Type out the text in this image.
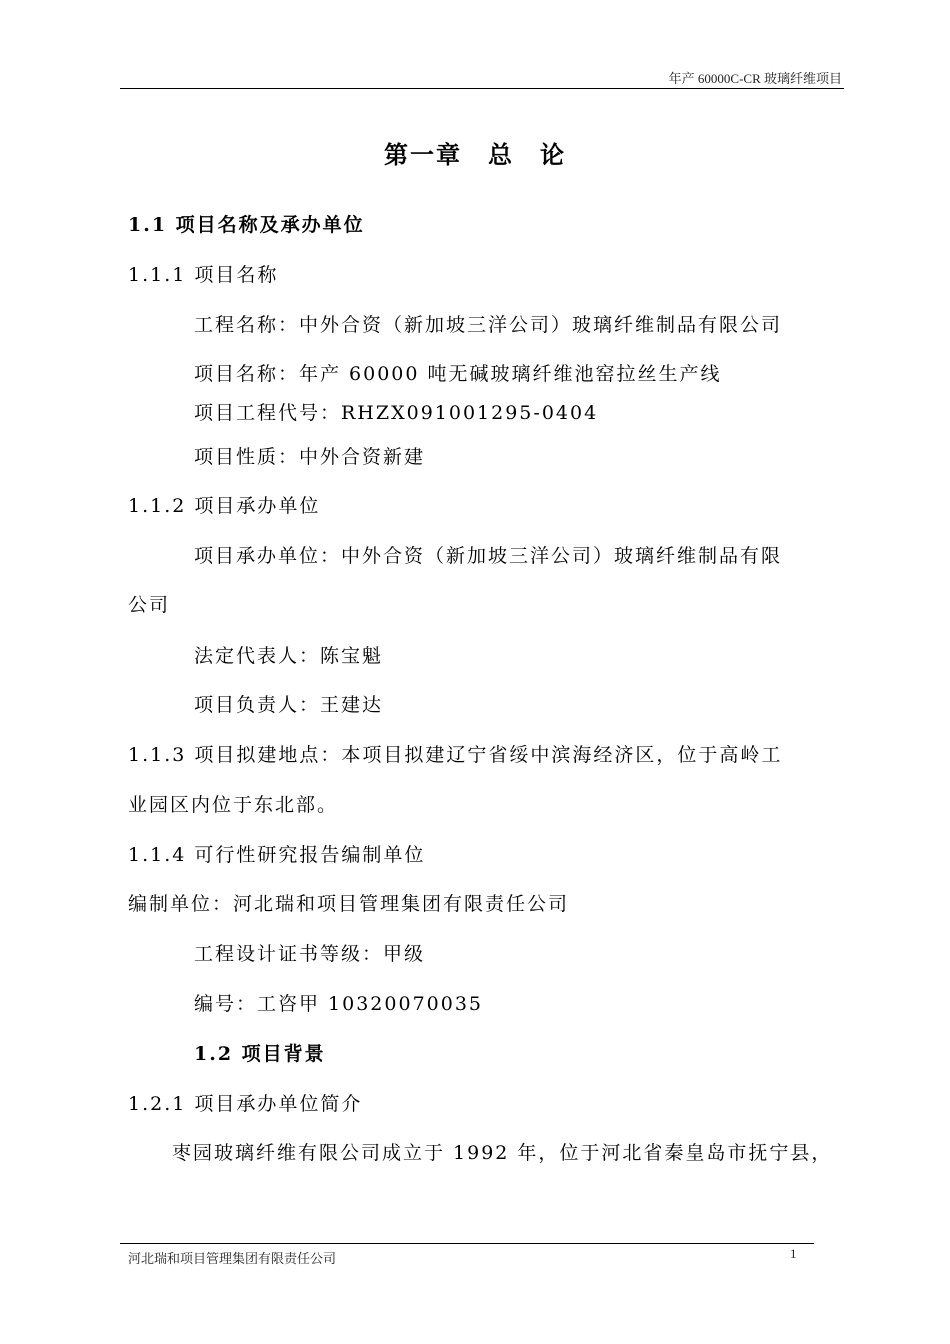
年产 60000C-CR 玻璃纤维项目
第一章　总　论
1.1 项目名称及承办单位
1.1.1 项目名称
工程名称：中外合资（新加坡三洋公司）玻璃纤维制品有限公司
项目名称：年产 60000 吨无碱玻璃纤维池窑拉丝生产线
项目工程代号：RHZX091001295-0404
项目性质：中外合资新建
1.1.2 项目承办单位
项目承办单位：中外合资（新加坡三洋公司）玻璃纤维制品有限
公司
法定代表人：陈宝魁
项目负责人：王建达
1.1.3 项目拟建地点：本项目拟建辽宁省绥中滨海经济区，位于高岭工
业园区内位于东北部。
1.1.4 可行性研究报告编制单位
编制单位：河北瑞和项目管理集团有限责任公司
工程设计证书等级：甲级
编号：工咨甲 10320070035
1.2 项目背景
1.2.1 项目承办单位简介
枣园玻璃纤维有限公司成立于 1992 年，位于河北省秦皇岛市抚宁县，
河北瑞和项目管理集团有限责任公司	1
